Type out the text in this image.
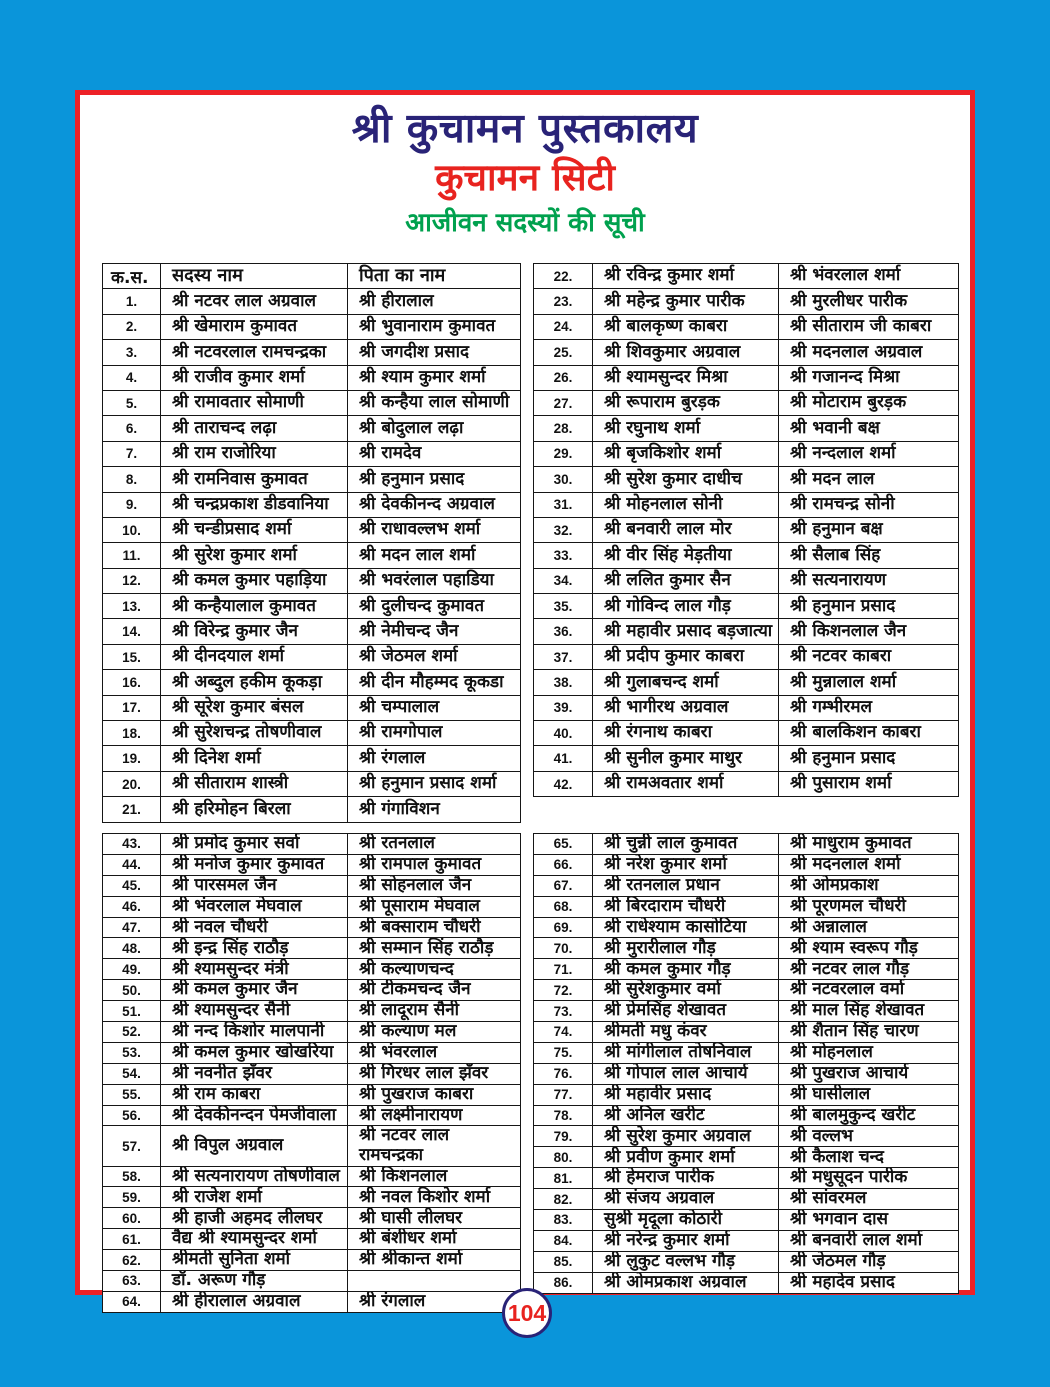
श्री कुचामन पुस्तकालय
कुचामन सिटी
आजीवन सदस्यों की सूची
क.स.	सदस्य नाम	पिता का नाम
1.	श्री नटवर लाल अग्रवाल	श्री हीरालाल
2.	श्री खेमाराम कुमावत	श्री भुवानाराम कुमावत
3.	श्री नटवरलाल रामचन्द्रका	श्री जगदीश प्रसाद
4.	श्री राजीव कुमार शर्मा	श्री श्याम कुमार शर्मा
5.	श्री रामावतार सोमाणी	श्री कन्हैया लाल सोमाणी
6.	श्री ताराचन्द लढ़ा	श्री बोदुलाल लढ़ा
7.	श्री राम राजोरिया	श्री रामदेव
8.	श्री रामनिवास कुमावत	श्री हनुमान प्रसाद
9.	श्री चन्द्रप्रकाश डीडवानिया	श्री देवकीनन्द अग्रवाल
10.	श्री चन्डीप्रसाद शर्मा	श्री राधावल्लभ शर्मा
11.	श्री सुरेश कुमार शर्मा	श्री मदन लाल शर्मा
12.	श्री कमल कुमार पहाड़िया	श्री भवरंलाल पहाडिया
13.	श्री कन्हैयालाल कुमावत	श्री दुलीचन्द कुमावत
14.	श्री विरेन्द्र कुमार जैन	श्री नेमीचन्द जैन
15.	श्री दीनदयाल शर्मा	श्री जेठमल शर्मा
16.	श्री अब्दुल हकीम कूकड़ा	श्री दीन मौहम्मद कूकडा
17.	श्री सूरेश कुमार बंसल	श्री चम्पालाल
18.	श्री सुरेशचन्द्र तोषणीवाल	श्री रामगोपाल
19.	श्री दिनेश शर्मा	श्री रंगलाल
20.	श्री सीताराम शास्त्री	श्री हनुमान प्रसाद शर्मा
21.	श्री हरिमोहन बिरला	श्री गंगाविशन
22.	श्री रविन्द्र कुमार शर्मा	श्री भंवरलाल शर्मा
23.	श्री महेन्द्र कुमार पारीक	श्री मुरलीधर पारीक
24.	श्री बालकृष्ण काबरा	श्री सीताराम जी काबरा
25.	श्री शिवकुमार अग्रवाल	श्री मदनलाल अग्रवाल
26.	श्री श्यामसुन्दर मिश्रा	श्री गजानन्द मिश्रा
27.	श्री रूपाराम बुरड़क	श्री मोटाराम बुरड़क
28.	श्री रघुनाथ शर्मा	श्री भवानी बक्ष
29.	श्री बृजकिशोर शर्मा	श्री नन्दलाल शर्मा
30.	श्री सुरेश कुमार दाधीच	श्री मदन लाल
31.	श्री मोहनलाल सोनी	श्री रामचन्द्र सोनी
32.	श्री बनवारी लाल मोर	श्री हनुमान बक्ष
33.	श्री वीर सिंह मेड़तीया	श्री सैलाब सिंह
34.	श्री ललित कुमार सैन	श्री सत्यनारायण
35.	श्री गोविन्द लाल गौड़	श्री हनुमान प्रसाद
36.	श्री महावीर प्रसाद बड़जात्या	श्री किशनलाल जैन
37.	श्री प्रदीप कुमार काबरा	श्री नटवर काबरा
38.	श्री गुलाबचन्द शर्मा	श्री मुन्नालाल शर्मा
39.	श्री भागीरथ अग्रवाल	श्री गम्भीरमल
40.	श्री रंगनाथ काबरा	श्री बालकिशन काबरा
41.	श्री सुनील कुमार माथुर	श्री हनुमान प्रसाद
42.	श्री रामअवतार शर्मा	श्री पुसाराम शर्मा
43.	श्री प्रमोद कुमार सर्वा	श्री रतनलाल
44.	श्री मनोज कुमार कुमावत	श्री रामपाल कुमावत
45.	श्री पारसमल जैन	श्री सोहनलाल जैन
46.	श्री भंवरलाल मेघवाल	श्री पूसाराम मेघवाल
47.	श्री नवल चौधरी	श्री बक्साराम चौधरी
48.	श्री इन्द्र सिंह राठौड़	श्री सम्मान सिंह राठौड़
49.	श्री श्यामसुन्दर मंत्री	श्री कल्याणचन्द
50.	श्री कमल कुमार जैन	श्री टीकमचन्द जैन
51.	श्री श्यामसुन्दर सैनी	श्री लादूराम सैनी
52.	श्री नन्द किशोर मालपानी	श्री कल्याण मल
53.	श्री कमल कुमार खोखरिया	श्री भंवरलाल
54.	श्री नवनीत झँवर	श्री गिरधर लाल झँवर
55.	श्री राम काबरा	श्री पुखराज काबरा
56.	श्री देवकीनन्दन पेमजीवाला	श्री लक्ष्मीनारायण
57.	श्री विपुल अग्रवाल	श्री नटवर लाल रामचन्द्रका
58.	श्री सत्यनारायण तोषणीवाल	श्री किशनलाल
59.	श्री राजेश शर्मा	श्री नवल किशोर शर्मा
60.	श्री हाजी अहमद लीलघर	श्री घासी लीलघर
61.	वैद्य श्री श्यामसुन्दर शर्मा	श्री बंशीधर शर्मा
62.	श्रीमती सुनिता शर्मा	श्री श्रीकान्त शर्मा
63.	डॉ. अरूण गौड़
64.	श्री हीरालाल अग्रवाल	श्री रंगलाल
65.	श्री चुन्नी लाल कुमावत	श्री माधुराम कुमावत
66.	श्री नरेश कुमार शर्मा	श्री मदनलाल शर्मा
67.	श्री रतनलाल प्रधान	श्री ओमप्रकाश
68.	श्री बिरदाराम चौधरी	श्री पूरणमल चौधरी
69.	श्री राधेश्याम कासोटिया	श्री अन्नालाल
70.	श्री मुरारीलाल गौड़	श्री श्याम स्वरूप गौड़
71.	श्री कमल कुमार गौड़	श्री नटवर लाल गौड़
72.	श्री सुरेशकुमार वर्मा	श्री नटवरलाल वर्मा
73.	श्री प्रेमसिंह शेखावत	श्री माल सिंह शेखावत
74.	श्रीमती मधु कंवर	श्री शैतान सिंह चारण
75.	श्री मांगीलाल तोषनिवाल	श्री मोहनलाल
76.	श्री गोपाल लाल आचार्य	श्री पुखराज आचार्य
77.	श्री महावीर प्रसाद	श्री घासीलाल
78.	श्री अनिल खरीट	श्री बालमुकुन्द खरीट
79.	श्री सुरेश कुमार अग्रवाल	श्री वल्लभ
80.	श्री प्रवीण कुमार शर्मा	श्री कैलाश चन्द
81.	श्री हेमराज पारीक	श्री मधुसूदन पारीक
82.	श्री संजय अग्रवाल	श्री सांवरमल
83.	सुश्री मृदूला कोठारी	श्री भगवान दास
84.	श्री नरेन्द्र कुमार शर्मा	श्री बनवारी लाल शर्मा
85.	श्री लुकुट वल्लभ गौड़	श्री जेठमल गौड़
86.	श्री ओमप्रकाश अग्रवाल	श्री महादेव प्रसाद
104
